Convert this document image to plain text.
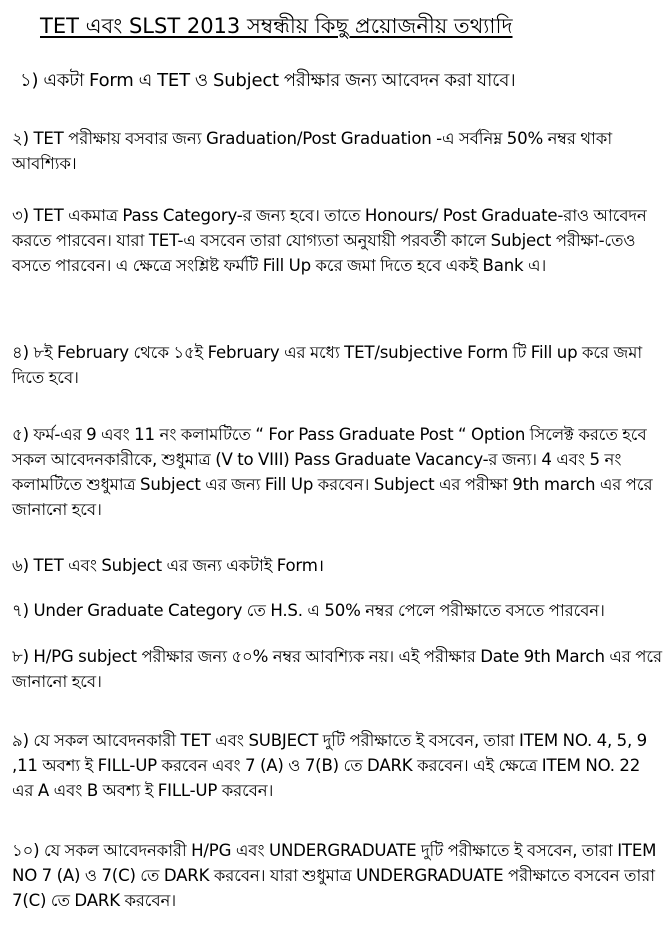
TET এবং SLST 2013 সম্বন্ধীয় কিছু প্রয়োজনীয় তথ্যাদি

১) একটা Form এ TET ও Subject পরীক্ষার জন্য আবেদন করা যাবে।

২) TET পরীক্ষায় বসবার জন্য Graduation/Post Graduation -এ সর্বনিম্ন 50% নম্বর থাকা আবশ্যিক।

৩) TET একমাত্র Pass Category-র জন্য হবে। তাতে Honours/ Post Graduate-রাও আবেদন করতে পারবেন। যারা TET-এ বসবেন তারা যোগ্যতা অনুযায়ী পরবর্তী কালে Subject পরীক্ষা-তেও বসতে পারবেন। এ ক্ষেত্রে সংশ্লিষ্ট ফর্মটি Fill Up করে জমা দিতে হবে একই Bank এ।

৪) ৮ই February থেকে ১৫ই February এর মধ্যে TET/subjective Form টি Fill up করে জমা দিতে হবে।

৫) ফর্ম-এর 9 এবং 11 নং কলামটিতে “ For Pass Graduate Post “ Option সিলেক্ট করতে হবে সকল আবেদনকারীকে, শুধুমাত্র (V to VIII) Pass Graduate Vacancy-র জন্য। 4 এবং 5 নং কলামটিতে শুধুমাত্র Subject এর জন্য Fill Up করবেন। Subject এর পরীক্ষা 9th march এর পরে জানানো হবে।

৬) TET এবং Subject এর জন্য একটাই Form।

৭) Under Graduate Category তে H.S. এ 50% নম্বর পেলে পরীক্ষাতে বসতে পারবেন।

৮) H/PG subject পরীক্ষার জন্য ৫০% নম্বর আবশ্যিক নয়। এই পরীক্ষার Date 9th March এর পরে জানানো হবে।

৯) যে সকল আবেদনকারী TET এবং SUBJECT দুটি পরীক্ষাতে ই বসবেন, তারা ITEM NO. 4, 5, 9 ,11 অবশ্য ই FILL-UP করবেন এবং 7 (A) ও 7(B) তে DARK করবেন। এই ক্ষেত্রে ITEM NO. 22 এর A এবং B অবশ্য ই FILL-UP করবেন।

১০) যে সকল আবেদনকারী H/PG এবং UNDERGRADUATE দুটি পরীক্ষাতে ই বসবেন, তারা ITEM NO 7 (A) ও 7(C) তে DARK করবেন। যারা শুধুমাত্র UNDERGRADUATE পরীক্ষাতে বসবেন তারা 7(C) তে DARK করবেন।
